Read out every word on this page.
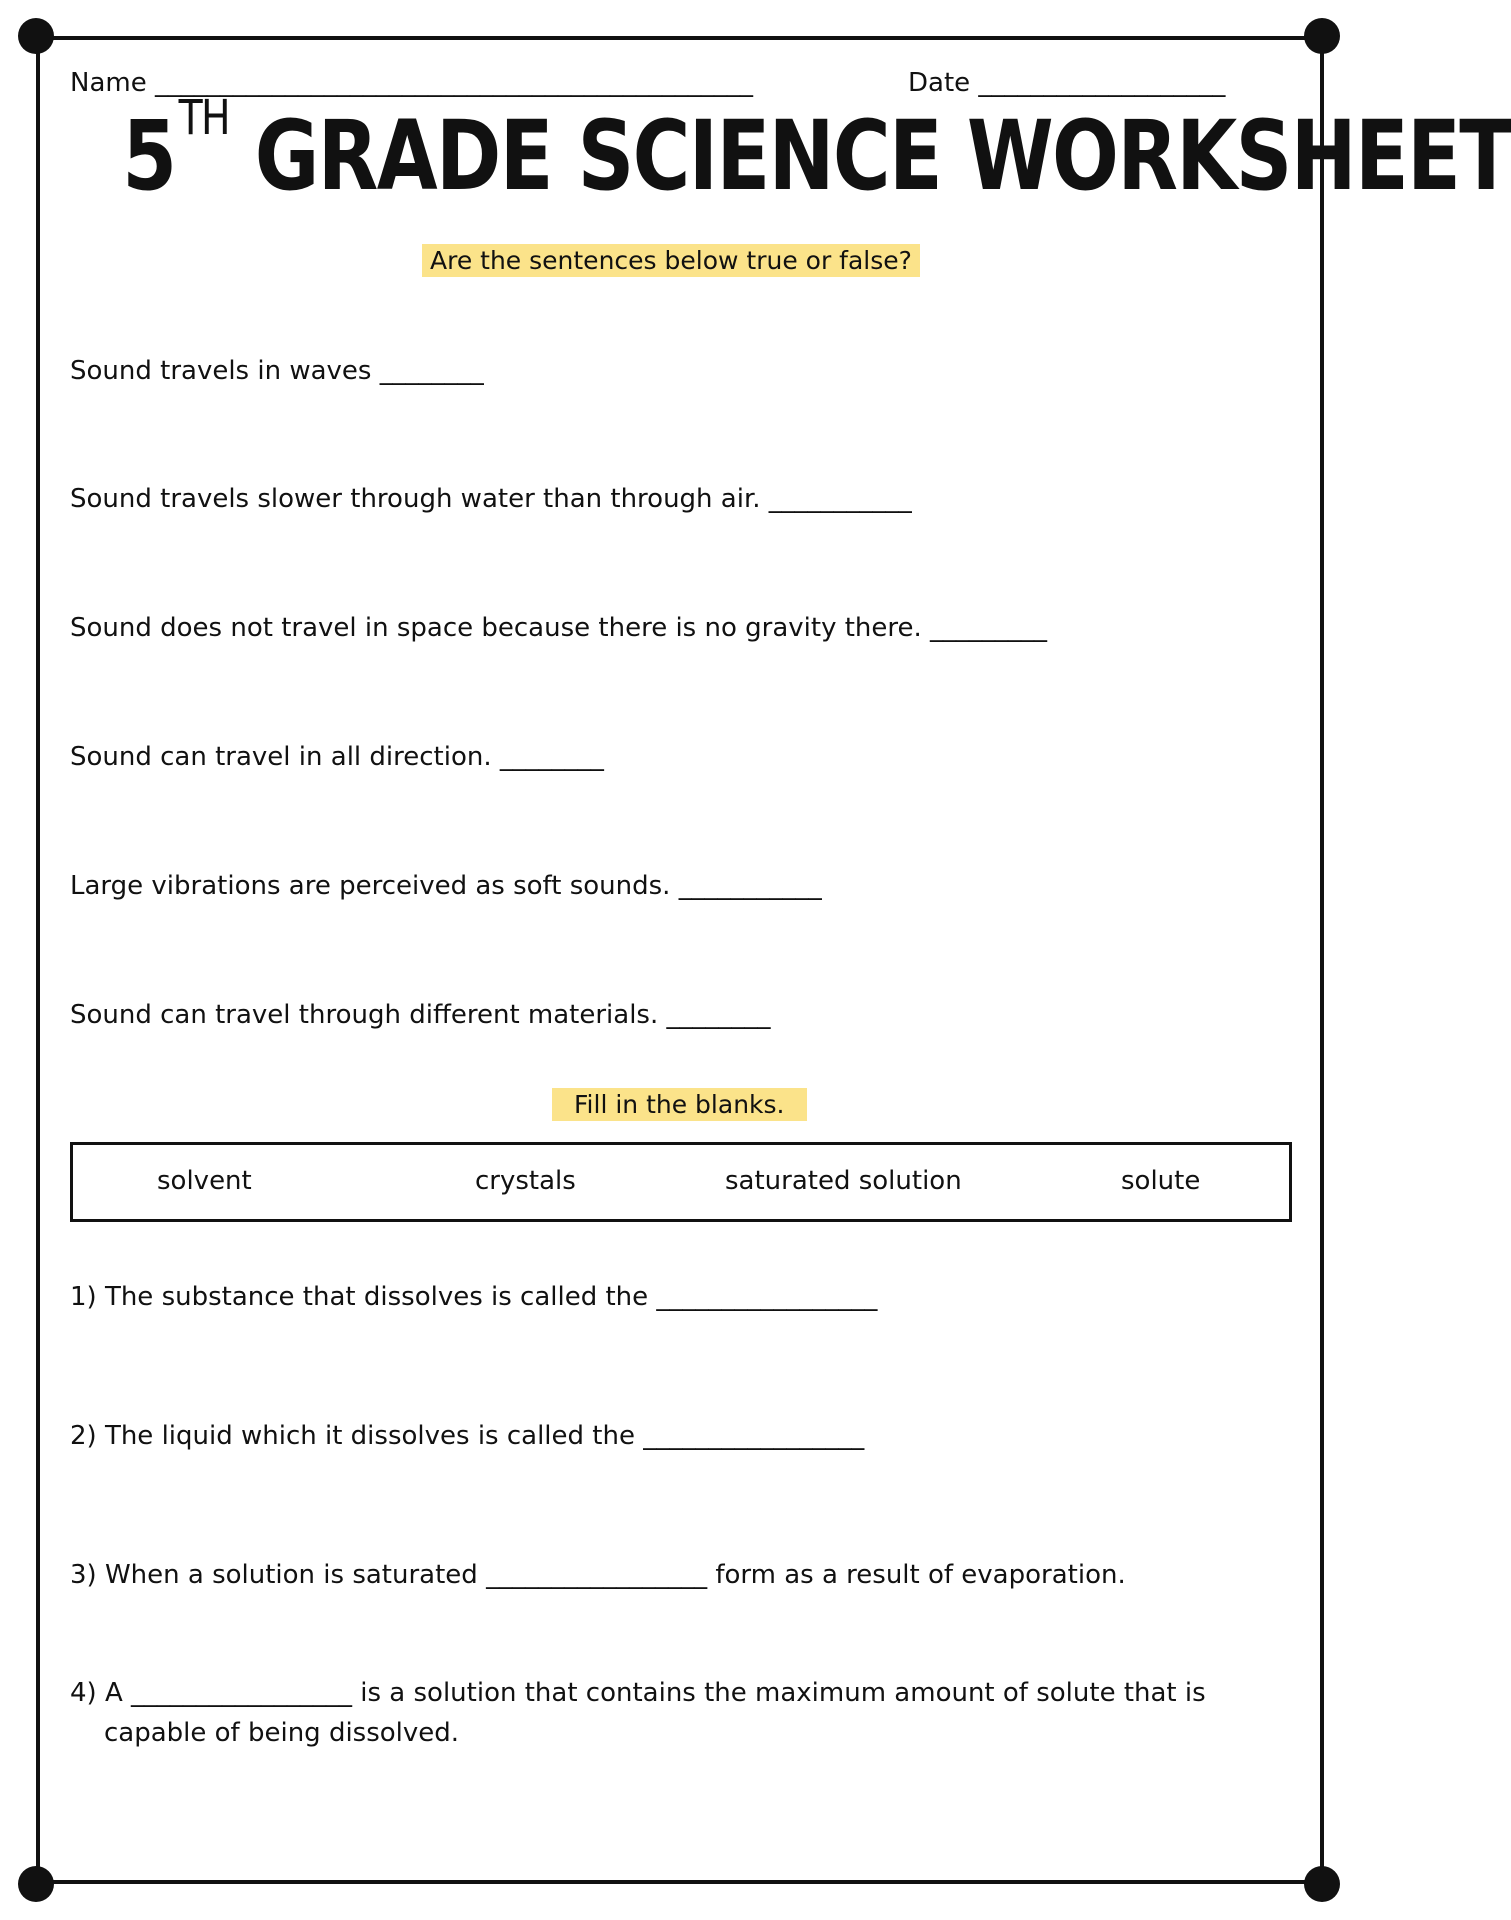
Name ______________________________________________	Date ___________________
5TH GRADE SCIENCE WORKSHEET
Are the sentences below true or false?
Sound travels in waves ________
Sound travels slower through water than through air. ___________
Sound does not travel in space because there is no gravity there. _________
Sound can travel in all direction. ________
Large vibrations are perceived as soft sounds. ___________
Sound can travel through different materials. ________
Fill in the blanks.
solvent	crystals	saturated solution	solute
1) The substance that dissolves is called the _________________
2) The liquid which it dissolves is called the _________________
3) When a solution is saturated _________________ form as a result of evaporation.
4) A _________________ is a solution that contains the maximum amount of solute that is
capable of being dissolved.
